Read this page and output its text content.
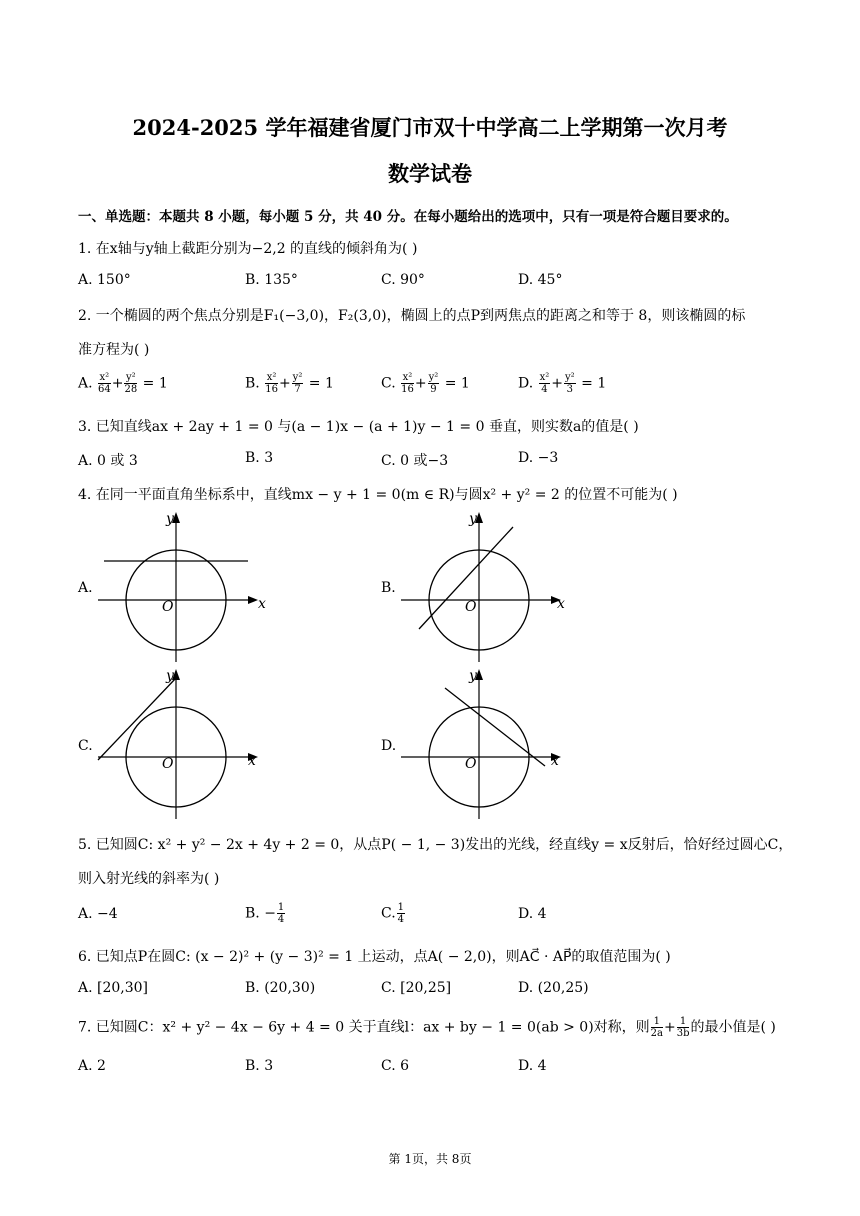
2024-2025 学年福建省厦门市双十中学高二上学期第一次月考
数学试卷
一、单选题：本题共 8 小题，每小题 5 分，共 40 分。在每小题给出的选项中，只有一项是符合题目要求的。
1. 在x轴与y轴上截距分别为−2,2 的直线的倾斜角为( )
A. 150°	B. 135°	C. 90°	D. 45°
2. 一个椭圆的两个焦点分别是F₁(−3,0)，F₂(3,0)，椭圆上的点P到两焦点的距离之和等于 8，则该椭圆的标
准方程为( )
A. $\frac{\text{x²}}{64} + \frac{\text{y²}}{28} = 1$	B. $\frac{\text{x²}}{16} + \frac{\text{y²}}{7} = 1$	C. $\frac{\text{x²}}{16} + \frac{\text{y²}}{9} = 1$	D. $\frac{\text{x²}}{4} + \frac{\text{y²}}{3} = 1$
3. 已知直线ax + 2ay + 1 = 0 与(a − 1)x − (a + 1)y − 1 = 0 垂直，则实数a的值是( )
A. 0 或 3	B. 3	C. 0 或−3	D. −3
4. 在同一平面直角坐标系中，直线mx − y + 1 = 0(m ∈ R)与圆x² + y² = 2 的位置不可能为( )
A.
x
y
O
B.
x
y
O
C.
x
y
O
D.
x
y
O
5. 已知圆C: x² + y² − 2x + 4y + 2 = 0，从点P( − 1, − 3)发出的光线，经直线y = x反射后，恰好经过圆心C，
则入射光线的斜率为( )
A. −4	B. − $\frac{1}{4}$	C. $\frac{1}{4}$	D. 4
6. 已知点P在圆C: (x − 2)² + (y − 3)² = 1 上运动，点A( − 2,0)，则AC⃗ · AP⃗的取值范围为( )
A. [20,30]	B. (20,30)	C. [20,25]	D. (20,25)
7. 已知圆C：x² + y² − 4x − 6y + 4 = 0 关于直线l：ax + by − 1 = 0(ab > 0)对称，则 $\frac{1}{2a} + \frac{1}{3b}$ 的最小值是( )
A. 2	B. 3	C. 6	D. 4
第 1页，共 8页
